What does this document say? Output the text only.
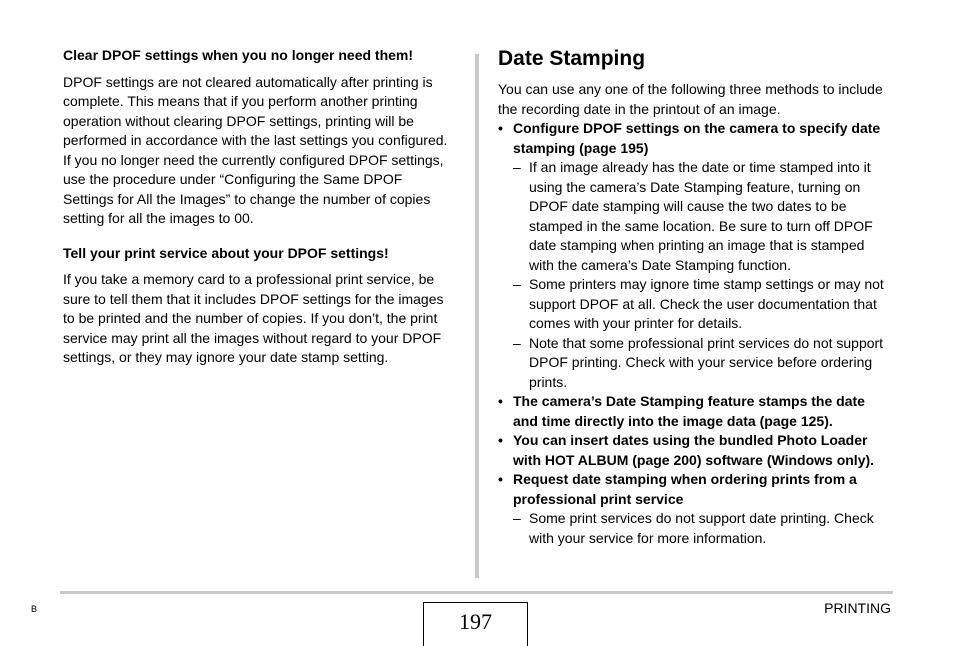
Clear DPOF settings when you no longer need them!

DPOF settings are not cleared automatically after printing is complete. This means that if you perform another printing operation without clearing DPOF settings, printing will be performed in accordance with the last settings you configured. If you no longer need the currently configured DPOF settings, use the procedure under “Configuring the Same DPOF Settings for All the Images” to change the number of copies setting for all the images to 00.

Tell your print service about your DPOF settings!

If you take a memory card to a professional print service, be sure to tell them that it includes DPOF settings for the images to be printed and the number of copies. If you don’t, the print service may print all the images without regard to your DPOF settings, or they may ignore your date stamp setting.

Date Stamping

You can use any one of the following three methods to include the recording date in the printout of an image.

• Configure DPOF settings on the camera to specify date stamping (page 195)
– If an image already has the date or time stamped into it using the camera’s Date Stamping feature, turning on DPOF date stamping will cause the two dates to be stamped in the same location. Be sure to turn off DPOF date stamping when printing an image that is stamped with the camera’s Date Stamping function.
– Some printers may ignore time stamp settings or may not support DPOF at all. Check the user documentation that comes with your printer for details.
– Note that some professional print services do not support DPOF printing. Check with your service before ordering prints.
• The camera’s Date Stamping feature stamps the date and time directly into the image data (page 125).
• You can insert dates using the bundled Photo Loader with HOT ALBUM (page 200) software (Windows only).
• Request date stamping when ordering prints from a professional print service
– Some print services do not support date printing. Check with your service for more information.
B	197
PRINTING
